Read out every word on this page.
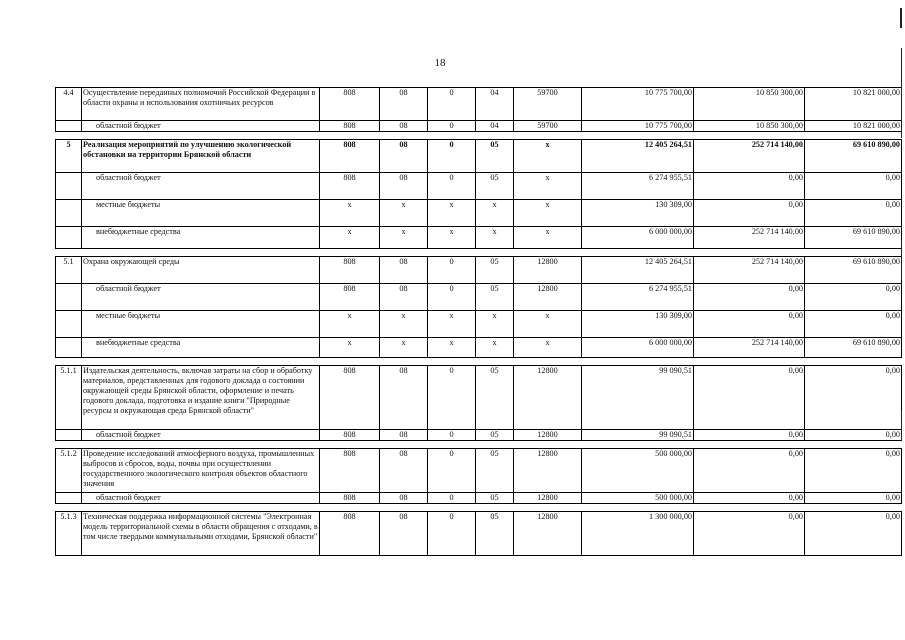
18
4.4	Осуществление переданных полномочий Российской Федерации в области охраны и использования охотничьих ресурсов	808	08	0	04	59700	10 775 700,00	10 850 300,00	10 821 000,00
	областной бюджет	808	08	0	04	59700	10 775 700,00	10 850 300,00	10 821 000,00

5	Реализация мероприятий по улучшению экологической обстановки на территории Брянской области	808	08	0	05	х	12 405 264,51	252 714 140,00	69 610 890,00
	областной бюджет	808	08	0	05	х	6 274 955,51	0,00	0,00
	местные бюджеты	х	х	х	х	х	130 309,00	0,00	0,00
	внебюджетные средства	х	х	х	х	х	6 000 000,00	252 714 140,00	69 610 890,00

5.1	Охрана окружающей среды	808	08	0	05	12800	12 405 264,51	252 714 140,00	69 610 890,00
	областной бюджет	808	08	0	05	12800	6 274 955,51	0,00	0,00
	местные бюджеты	х	х	х	х	х	130 309,00	0,00	0,00
	внебюджетные средства	х	х	х	х	х	6 000 000,00	252 714 140,00	69 610 890,00

5.1.1	Издательская деятельность, включая затраты на сбор и обработку материалов, представленных для годового доклада о состоянии окружающей среды Брянской области, оформление и печать годового доклада, подготовка и издание книги "Природные ресурсы и окружающая среда Брянской области"	808	08	0	05	12800	99 090,51	0,00	0,00
	областной бюджет	808	08	0	05	12800	99 090,51	0,00	0,00

5.1.2	Проведение исследований атмосферного воздуха, промышленных выбросов и сбросов, воды, почвы при осуществлении государственного экологического контроля объектов областного значения	808	08	0	05	12800	500 000,00	0,00	0,00
	областной бюджет	808	08	0	05	12800	500 000,00	0,00	0,00

5.1.3	Техническая поддержка информационной системы "Электронная модель территориальной схемы в области обращения с отходами, в том числе твердыми коммунальными отходами, Брянской области"	808	08	0	05	12800	1 300 000,00	0,00	0,00
